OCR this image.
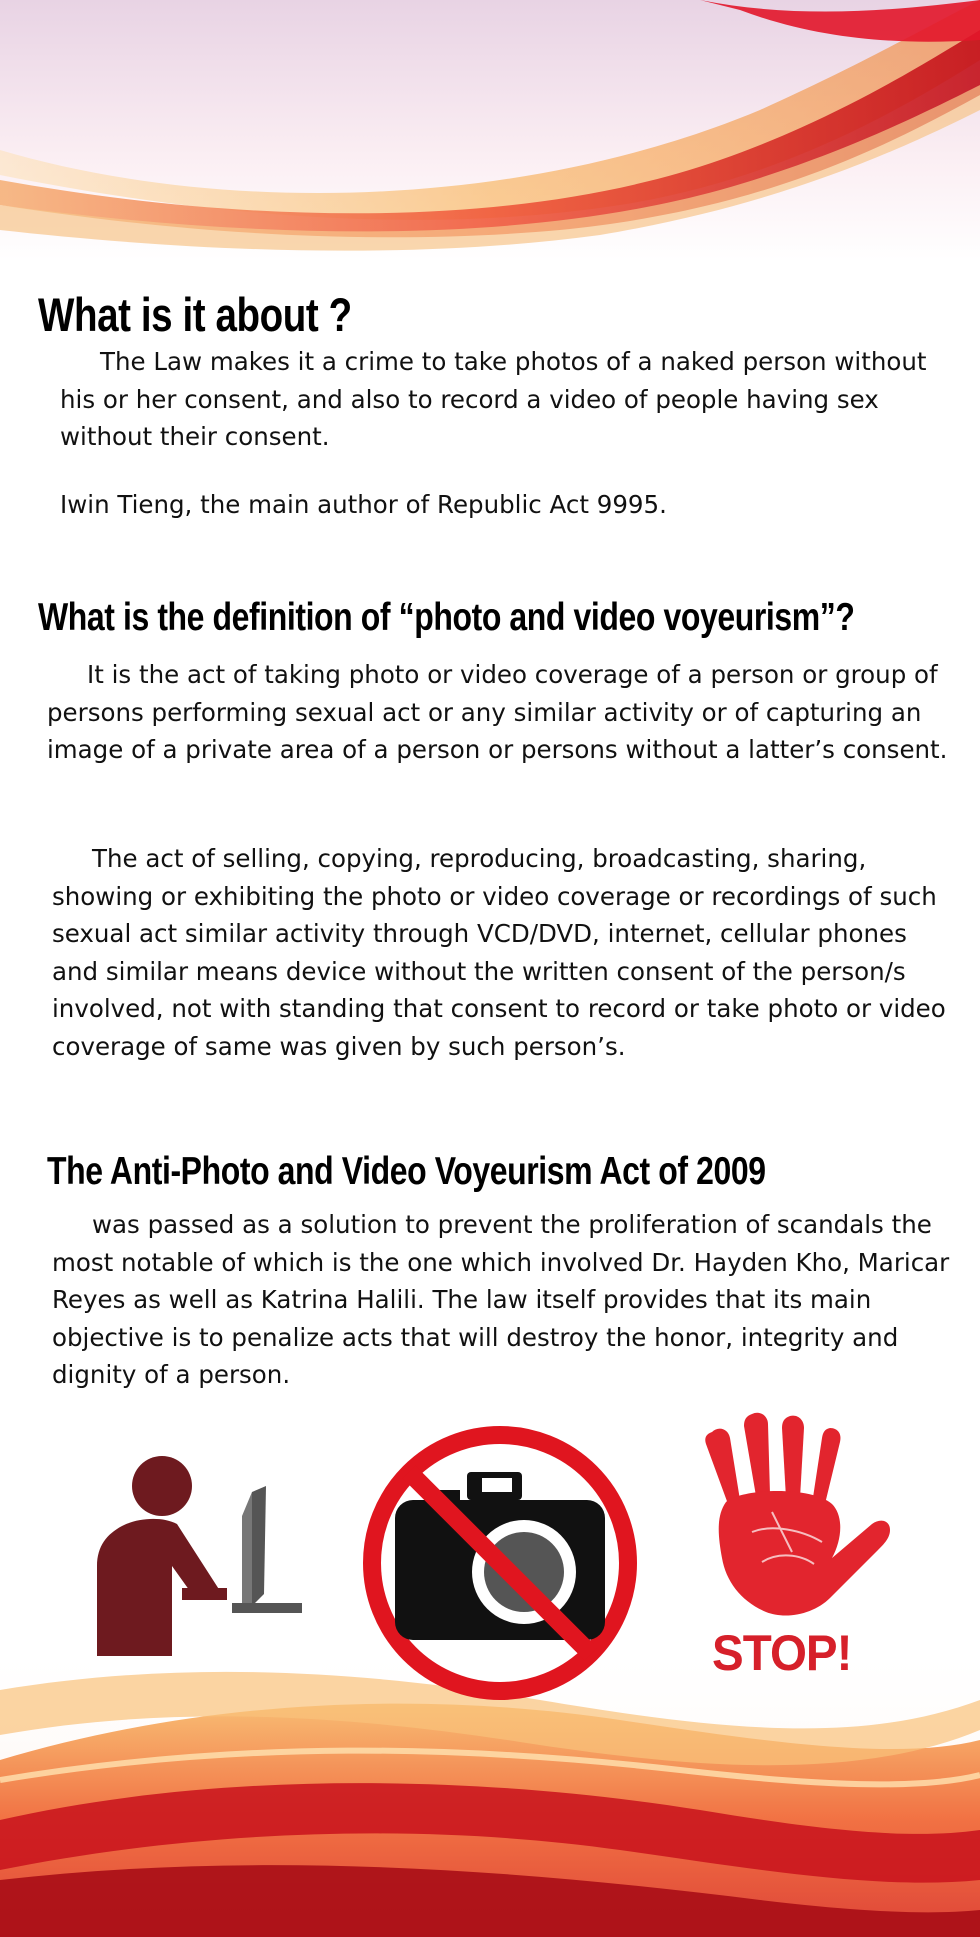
What is it about ?

The Law makes it a crime to take photos of a naked person without his or her consent, and also to record a video of people having sex without their consent.

Iwin Tieng, the main author of Republic Act 9995.

What is the definition of “photo and video voyeurism”?

It is the act of taking photo or video coverage of a person or group of persons performing sexual act or any similar activity or of capturing an image of a private area of a person or persons without a latter’s consent.

The act of selling, copying, reproducing, broadcasting, sharing, showing or exhibiting the photo or video coverage or recordings of such sexual act similar activity through VCD/DVD, internet, cellular phones and similar means device without the written consent of the person/s involved, not with standing that consent to record or take photo or video coverage of same was given by such person’s.

The Anti-Photo and Video Voyeurism Act of 2009

was passed as a solution to prevent the proliferation of scandals the most notable of which is the one which involved Dr. Hayden Kho, Maricar Reyes as well as Katrina Halili. The law itself provides that its main objective is to penalize acts that will destroy the honor, integrity and dignity of a person.

STOP!
